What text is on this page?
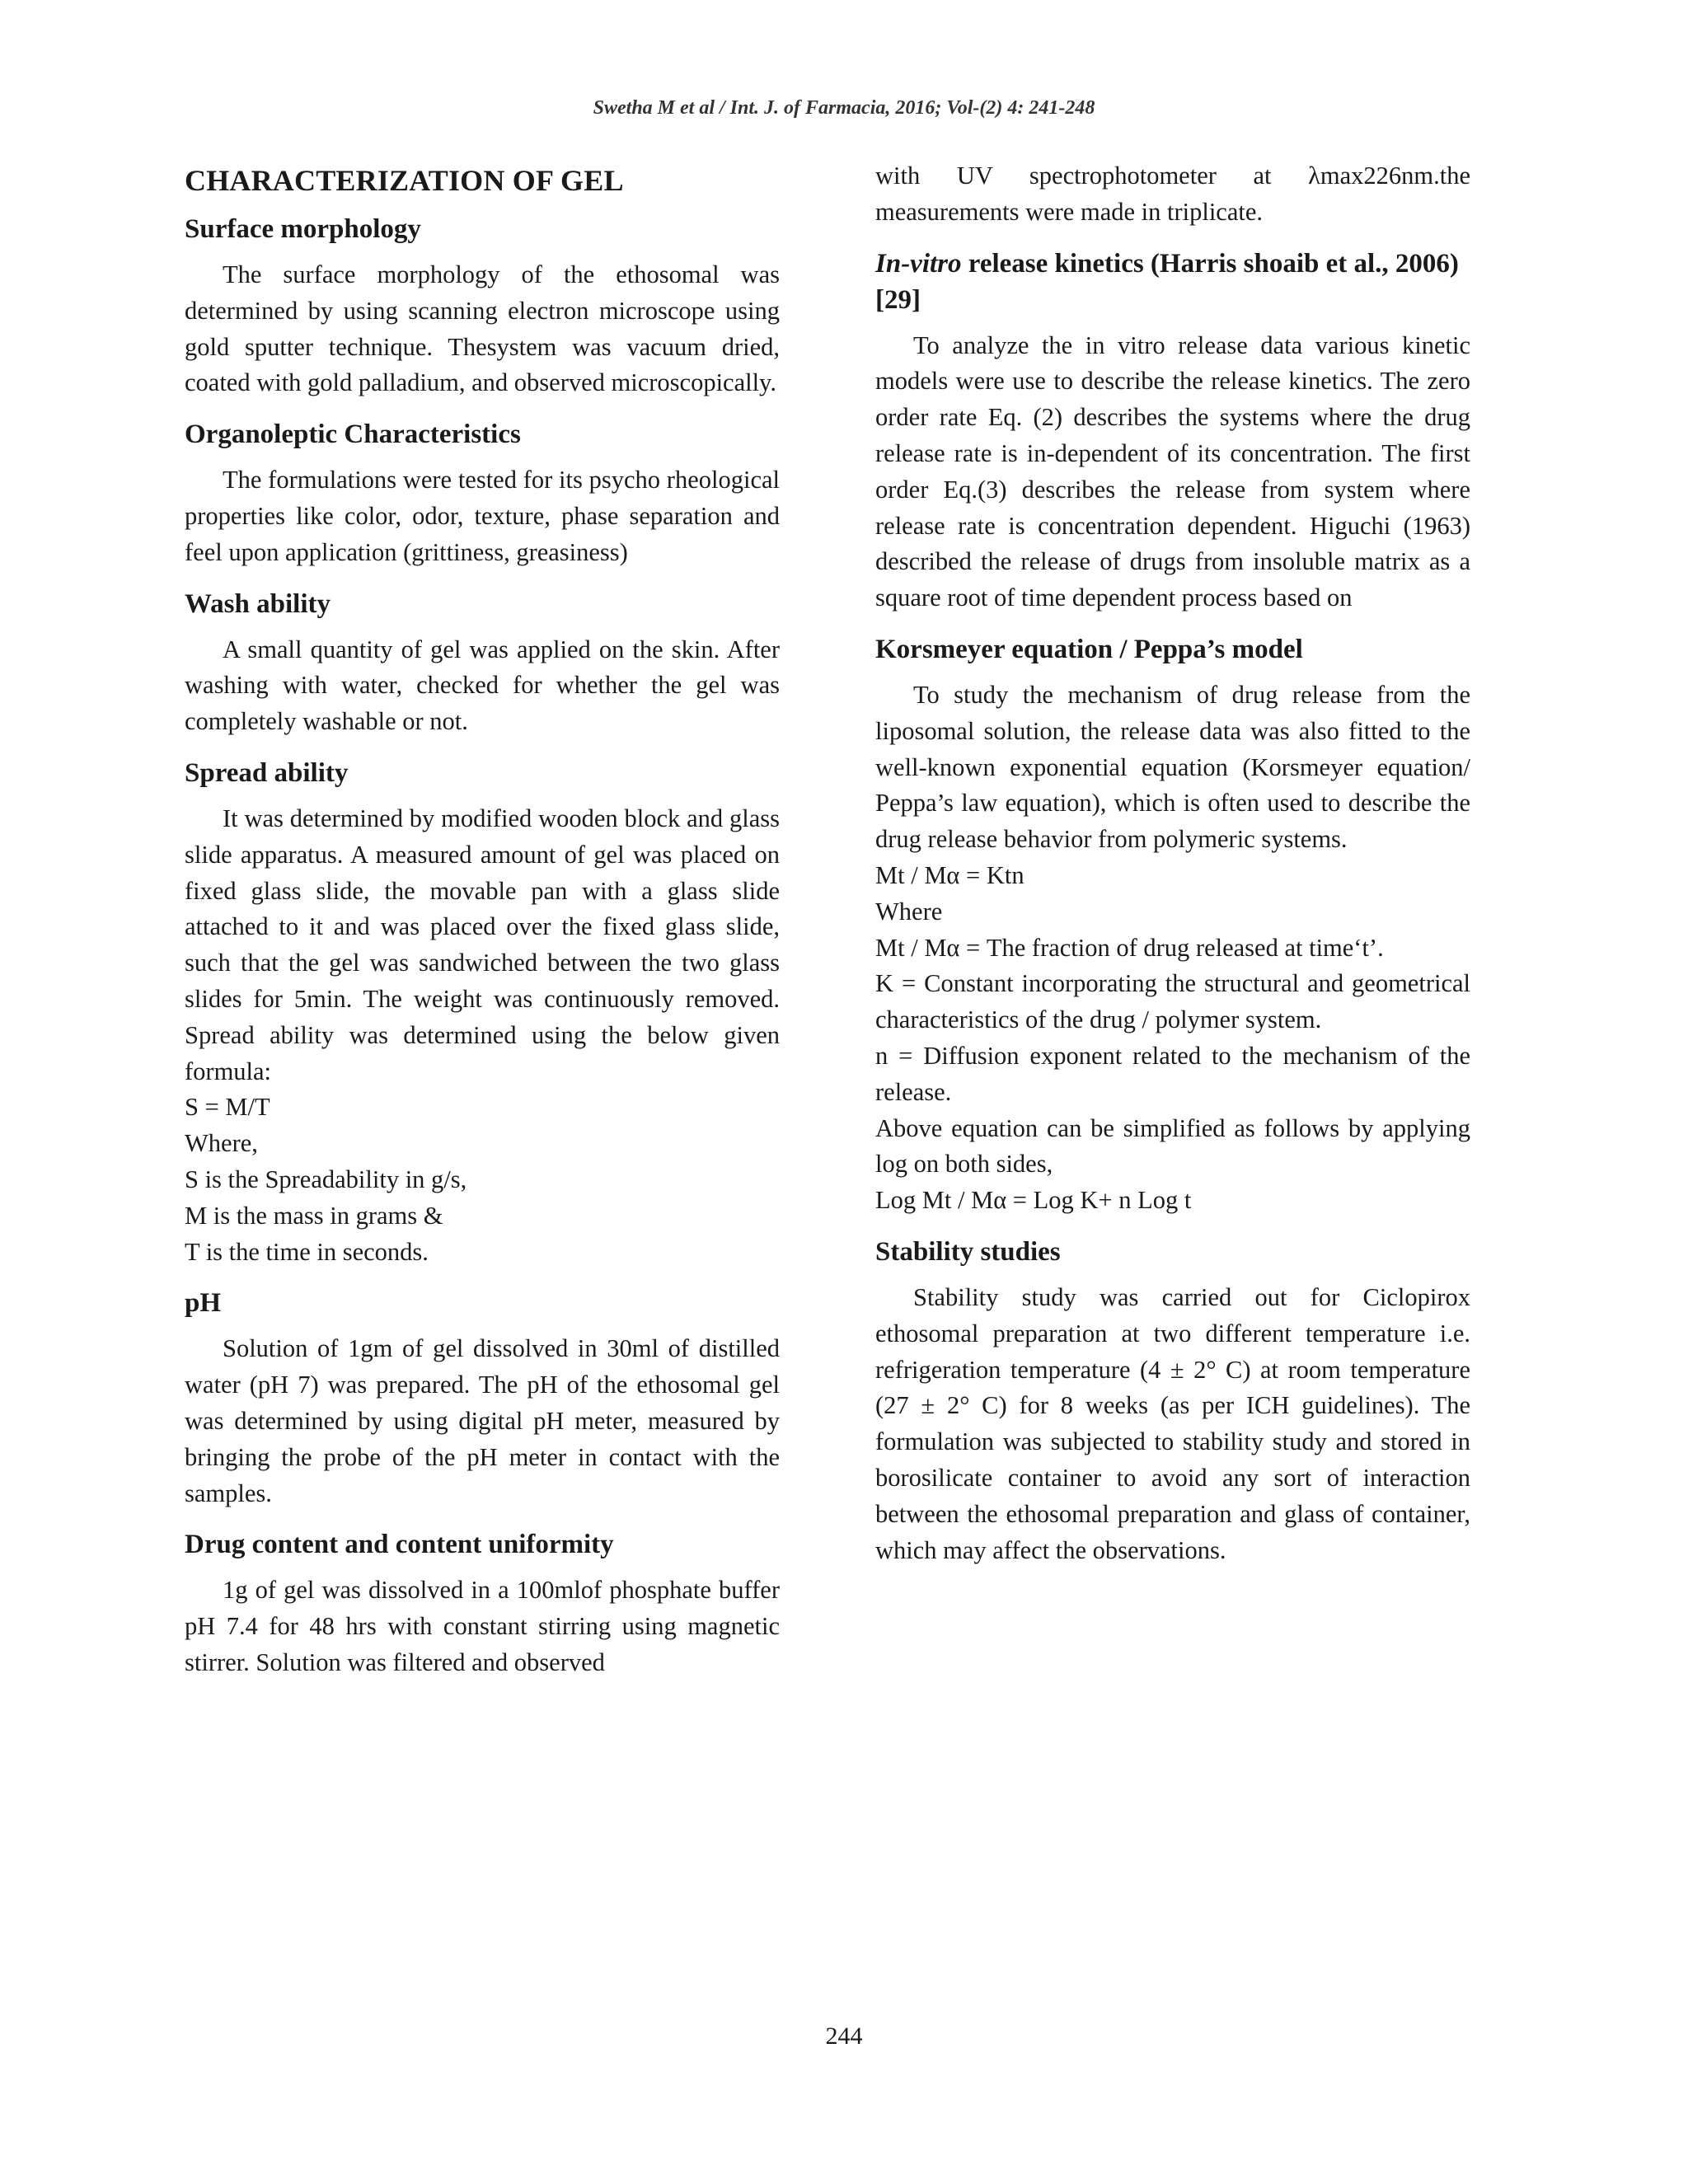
Swetha M et al / Int. J. of Farmacia, 2016; Vol-(2) 4: 241-248
CHARACTERIZATION OF GEL
Surface morphology

The surface morphology of the ethosomal was determined by using scanning electron microscope using gold sputter technique. Thesystem was vacuum dried, coated with gold palladium, and observed microscopically.

Organoleptic Characteristics

The formulations were tested for its psycho rheological properties like color, odor, texture, phase separation and feel upon application (grittiness, greasiness)

Wash ability

A small quantity of gel was applied on the skin. After washing with water, checked for whether the gel was completely washable or not.

Spread ability

It was determined by modified wooden block and glass slide apparatus. A measured amount of gel was placed on fixed glass slide, the movable pan with a glass slide attached to it and was placed over the fixed glass slide, such that the gel was sandwiched between the two glass slides for 5min. The weight was continuously removed. Spread ability was determined using the below given formula:

S = M/T
Where,
S is the Spreadability in g/s,
M is the mass in grams &
T is the time in seconds.
pH

Solution of 1gm of gel dissolved in 30ml of distilled water (pH 7) was prepared. The pH of the ethosomal gel was determined by using digital pH meter, measured by bringing the probe of the pH meter in contact with the samples.

Drug content and content uniformity

1g of gel was dissolved in a 100mlof phosphate buffer pH 7.4 for 48 hrs with constant stirring using magnetic stirrer. Solution was filtered and observed

with UV spectrophotometer at λmax226nm.the measurements were made in triplicate.

In-vitro release kinetics (Harris shoaib et al., 2006) [29]

To analyze the in vitro release data various kinetic models were use to describe the release kinetics. The zero order rate Eq. (2) describes the systems where the drug release rate is in-dependent of its concentration. The first order Eq.(3) describes the release from system where release rate is concentration dependent. Higuchi (1963) described the release of drugs from insoluble matrix as a square root of time dependent process based on

Korsmeyer equation / Peppa’s model

To study the mechanism of drug release from the liposomal solution, the release data was also fitted to the well-known exponential equation (Korsmeyer equation/ Peppa’s law equation), which is often used to describe the drug release behavior from polymeric systems.

Mt / Mα = Ktn
Where
Mt / Mα = The fraction of drug released at time‘t’.
K = Constant incorporating the structural and geometrical characteristics of the drug / polymer system.
n = Diffusion exponent related to the mechanism of the release.
Above equation can be simplified as follows by applying log on both sides,
Log Mt / Mα = Log K+ n Log t
Stability studies

Stability study was carried out for Ciclopirox ethosomal preparation at two different temperature i.e. refrigeration temperature (4 ± 2° C) at room temperature (27 ± 2° C) for 8 weeks (as per ICH guidelines). The formulation was subjected to stability study and stored in borosilicate container to avoid any sort of interaction between the ethosomal preparation and glass of container, which may affect the observations.

244
